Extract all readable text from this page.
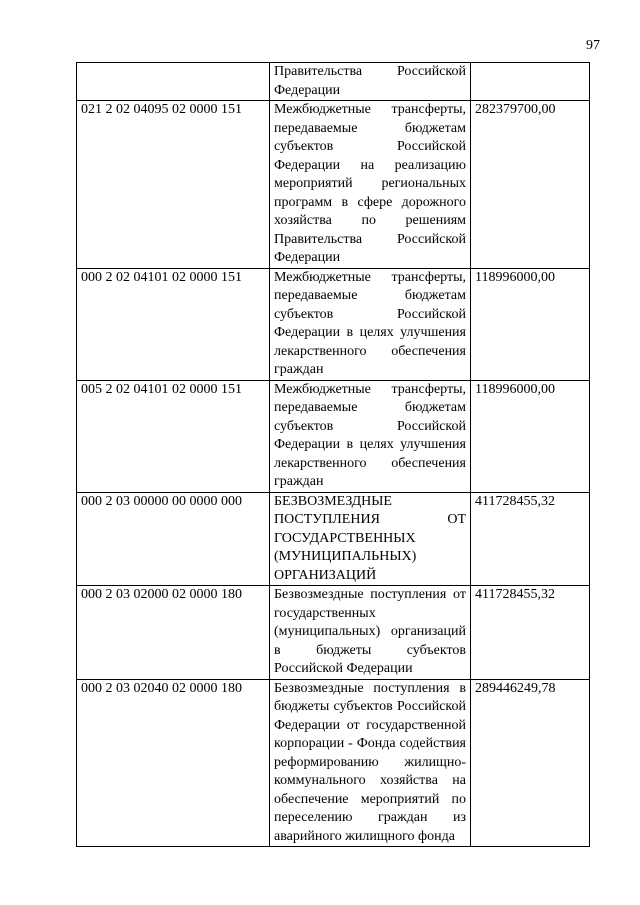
97
	Правительства Российской Федерации	
021 2 02 04095 02 0000 151	Межбюджетные трансферты, передаваемые бюджетам субъектов Российской Федерации на реализацию мероприятий региональных программ в сфере дорожного хозяйства по решениям Правительства Российской Федерации	282379700,00
000 2 02 04101 02 0000 151	Межбюджетные трансферты, передаваемые бюджетам субъектов Российской Федерации в целях улучшения лекарственного обеспечения граждан	118996000,00
005 2 02 04101 02 0000 151	Межбюджетные трансферты, передаваемые бюджетам субъектов Российской Федерации в целях улучшения лекарственного обеспечения граждан	118996000,00
000 2 03 00000 00 0000 000	БЕЗВОЗМЕЗДНЫЕ ПОСТУПЛЕНИЯ ОТ ГОСУДАРСТВЕННЫХ (МУНИЦИПАЛЬНЫХ) ОРГАНИЗАЦИЙ	411728455,32
000 2 03 02000 02 0000 180	Безвозмездные поступления от государственных (муниципальных) организаций в бюджеты субъектов Российской Федерации	411728455,32
000 2 03 02040 02 0000 180	Безвозмездные поступления в бюджеты субъектов Российской Федерации от государственной корпорации - Фонда содействия реформированию жилищно-коммунального хозяйства на обеспечение мероприятий по переселению граждан из аварийного жилищного фонда	289446249,78
